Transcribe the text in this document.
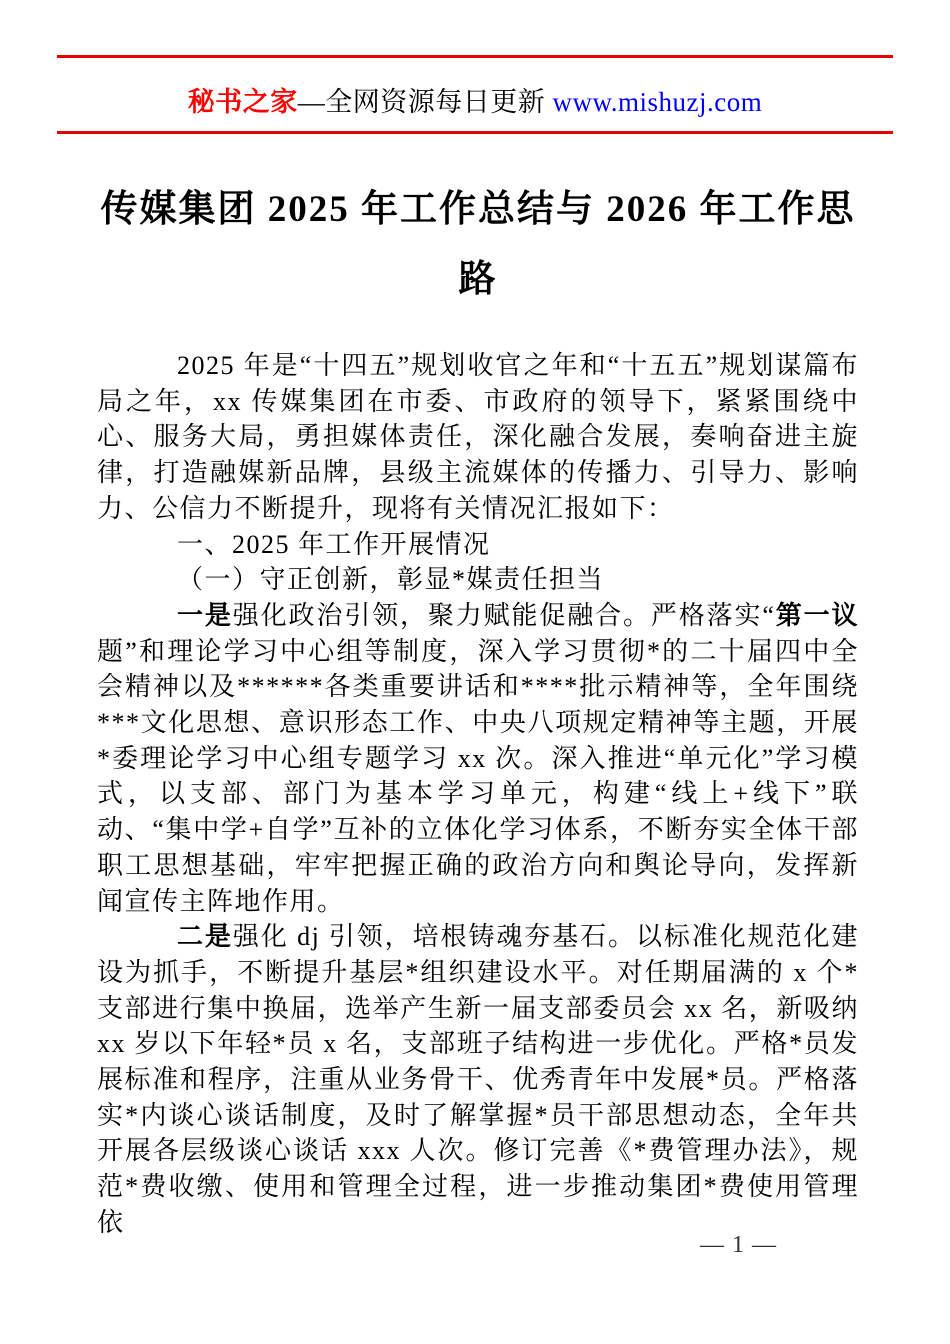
秘书之家—全网资源每日更新 www.mishuzj.com
传媒集团 2025 年工作总结与 2026 年工作思
路

2025 年是“十四五”规划收官之年和“十五五”规划谋篇布局之年，xx 传媒集团在市委、市政府的领导下，紧紧围绕中心、服务大局，勇担媒体责任，深化融合发展，奏响奋进主旋律，打造融媒新品牌，县级主流媒体的传播力、引导力、影响力、公信力不断提升，现将有关情况汇报如下：

一、2025 年工作开展情况

（一）守正创新，彰显*媒责任担当

一是强化政治引领，聚力赋能促融合。严格落实“第一议题”和理论学习中心组等制度，深入学习贯彻*的二十届四中全会精神以及******各类重要讲话和****批示精神等，全年围绕***文化思想、意识形态工作、中央八项规定精神等主题，开展*委理论学习中心组专题学习 xx 次。深入推进“单元化”学习模式，以支部、部门为基本学习单元，构建“线上+线下”联动、“集中学+自学”互补的立体化学习体系，不断夯实全体干部职工思想基础，牢牢把握正确的政治方向和舆论导向，发挥新闻宣传主阵地作用。

二是强化 dj 引领，培根铸魂夯基石。以标准化规范化建设为抓手，不断提升基层*组织建设水平。对任期届满的 x 个*支部进行集中换届，选举产生新一届支部委员会 xx 名，新吸纳 xx 岁以下年轻*员 x 名，支部班子结构进一步优化。严格*员发展标准和程序，注重从业务骨干、优秀青年中发展*员。严格落实*内谈心谈话制度，及时了解掌握*员干部思想动态，全年共开展各层级谈心谈话 xxx 人次。修订完善《*费管理办法》，规范*费收缴、使用和管理全过程，进一步推动集团*费使用管理依

— 1 —
